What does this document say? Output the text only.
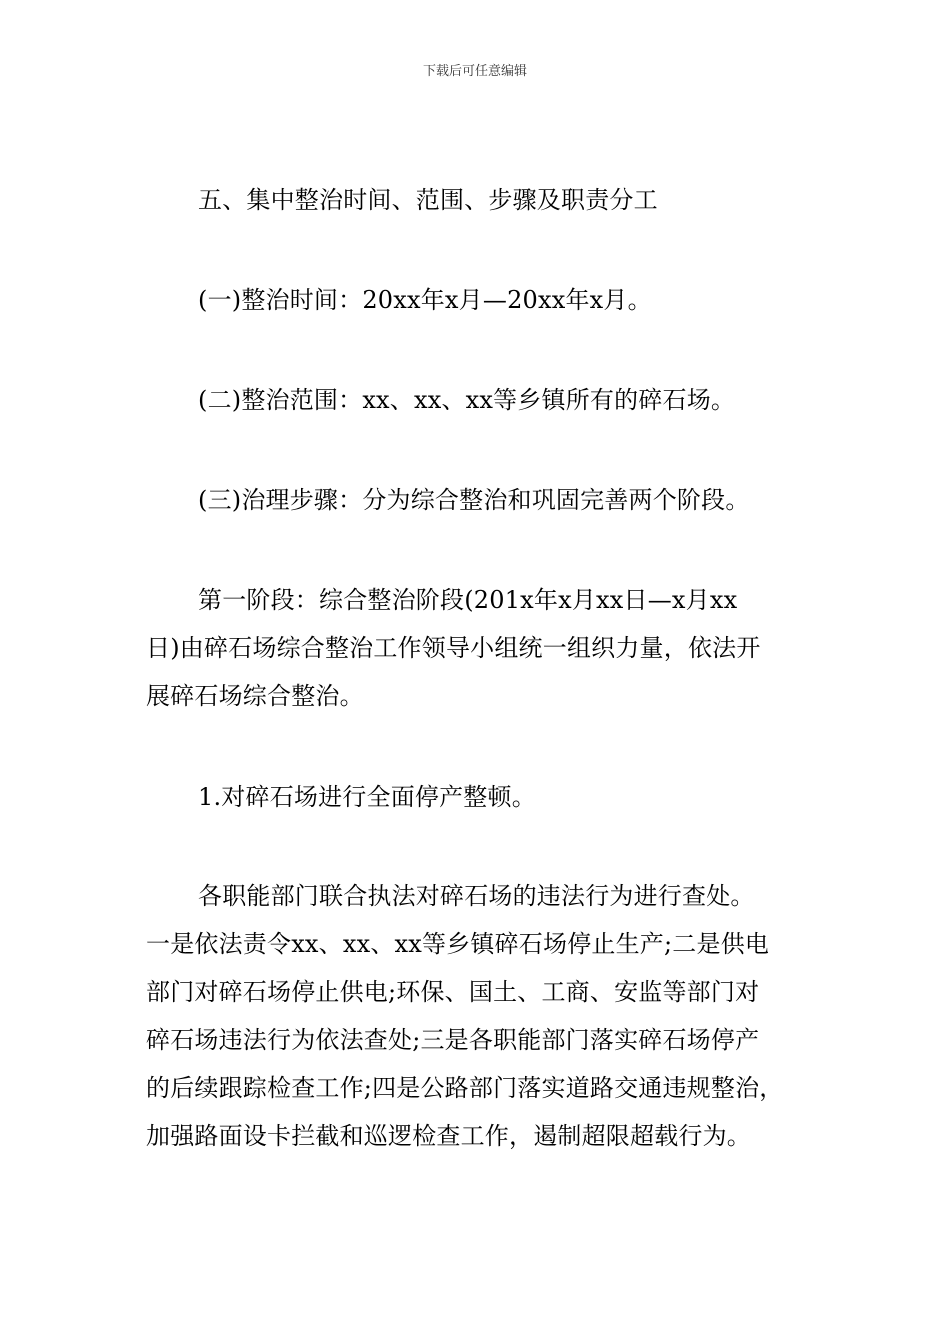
下载后可任意编辑
五、集中整治时间、范围、步骤及职责分工
(一)整治时间：20xx年x月—20xx年x月。
(二)整治范围：xx、xx、xx等乡镇所有的碎石场。
(三)治理步骤：分为综合整治和巩固完善两个阶段。
第一阶段：综合整治阶段(201x年x月xx日—x月xx
日)由碎石场综合整治工作领导小组统一组织力量，依法开
展碎石场综合整治。
1.对碎石场进行全面停产整顿。
各职能部门联合执法对碎石场的违法行为进行查处。
一是依法责令xx、xx、xx等乡镇碎石场停止生产;二是供电
部门对碎石场停止供电;环保、国土、工商、安监等部门对
碎石场违法行为依法查处;三是各职能部门落实碎石场停产
的后续跟踪检查工作;四是公路部门落实道路交通违规整治，
加强路面设卡拦截和巡逻检查工作，遏制超限超载行为。
